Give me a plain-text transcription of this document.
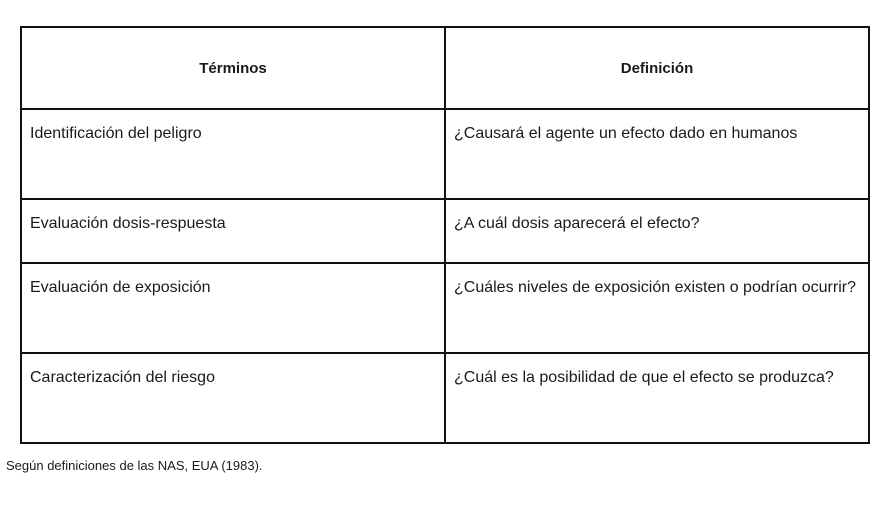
Términos	Definición
Identificación del peligro	¿Causará el agente un efecto dado en humanos
Evaluación dosis-respuesta	¿A cuál dosis aparecerá el efecto?
Evaluación de exposición	¿Cuáles niveles de exposición existen o podrían ocurrir?
Caracterización del riesgo	¿Cuál es la posibilidad de que el efecto se produzca?
Según definiciones de las NAS, EUA (1983).
